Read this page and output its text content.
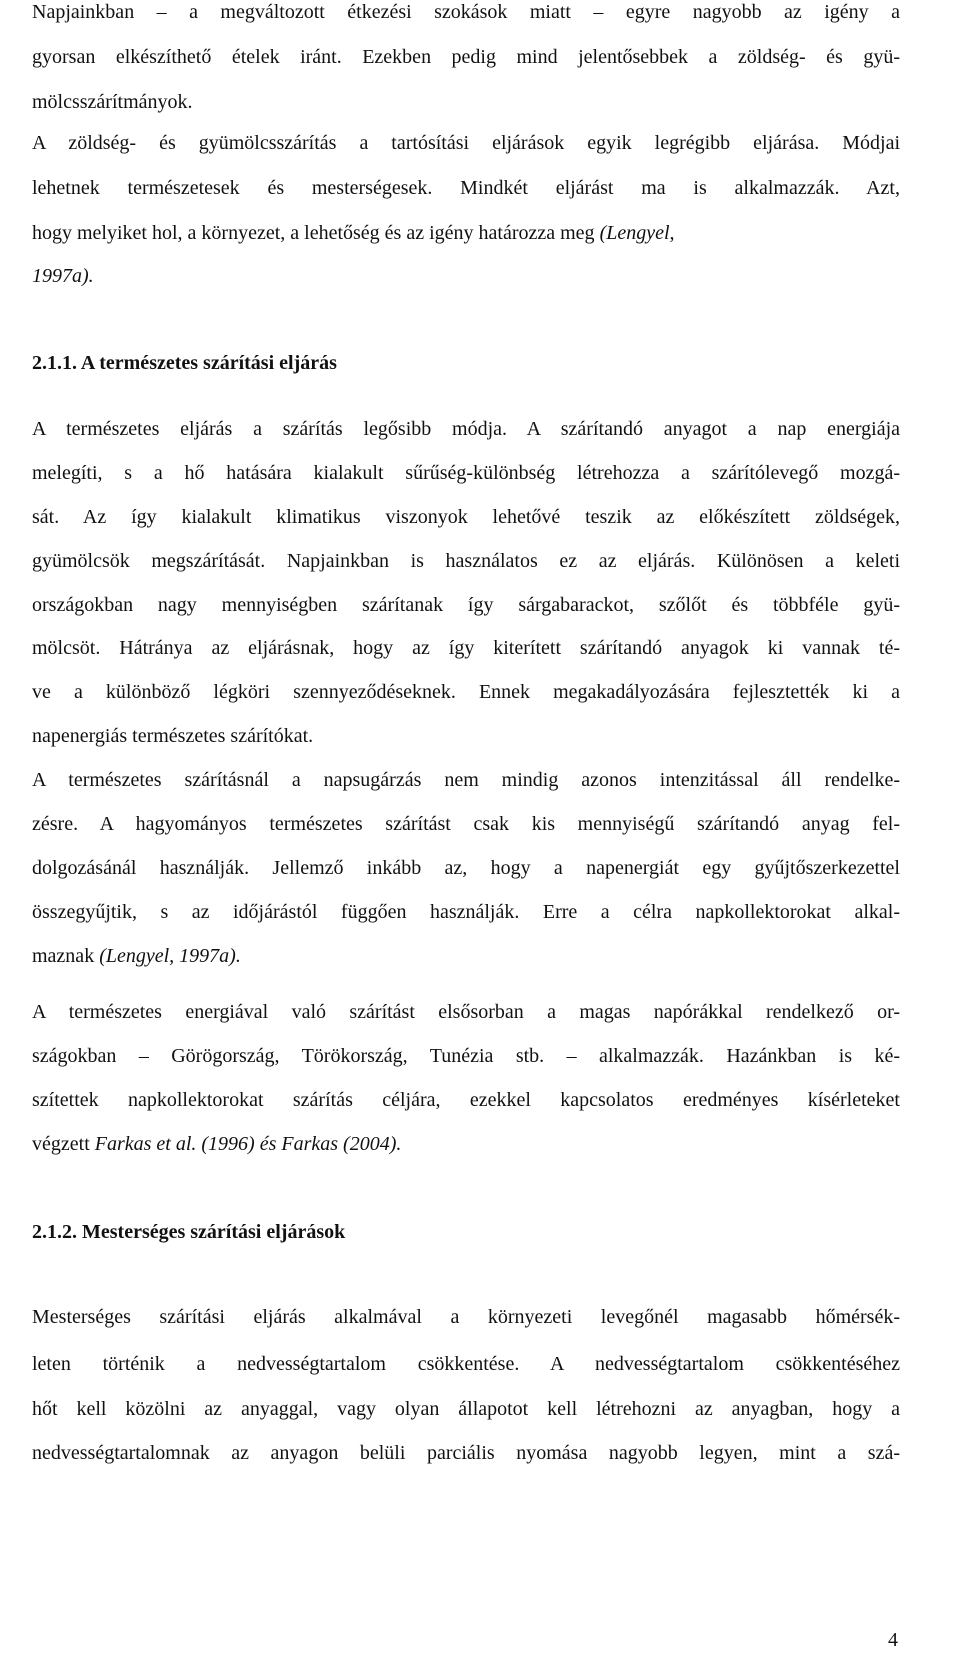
Napjainkban – a megváltozott étkezési szokások miatt – egyre nagyobb az igény a
gyorsan elkészíthető ételek iránt. Ezekben pedig mind jelentősebbek a zöldség- és gyü-
mölcsszárítmányok.
A zöldség- és gyümölcsszárítás a tartósítási eljárások egyik legrégibb eljárása. Módjai
lehetnek természetesek és mesterségesek. Mindkét eljárást ma is alkalmazzák. Azt,
hogy melyiket hol, a környezet, a lehetőség és az igény határozza meg (Lengyel,
1997a).
2.1.1. A természetes szárítási eljárás
A természetes eljárás a szárítás legősibb módja. A szárítandó anyagot a nap energiája
melegíti, s a hő hatására kialakult sűrűség-különbség létrehozza a szárítólevegő mozgá-
sát. Az így kialakult klimatikus viszonyok lehetővé teszik az előkészített zöldségek,
gyümölcsök megszárítását. Napjainkban is használatos ez az eljárás. Különösen a keleti
országokban nagy mennyiségben szárítanak így sárgabarackot, szőlőt és többféle gyü-
mölcsöt. Hátránya az eljárásnak, hogy az így kiterített szárítandó anyagok ki vannak té-
ve a különböző légköri szennyeződéseknek. Ennek megakadályozására fejlesztették ki a
napenergiás természetes szárítókat.
A természetes szárításnál a napsugárzás nem mindig azonos intenzitással áll rendelke-
zésre. A hagyományos természetes szárítást csak kis mennyiségű szárítandó anyag fel-
dolgozásánál használják. Jellemző inkább az, hogy a napenergiát egy gyűjtőszerkezettel
összegyűjtik, s az időjárástól függően használják. Erre a célra napkollektorokat alkal-
maznak (Lengyel, 1997a).
A természetes energiával való szárítást elsősorban a magas napórákkal rendelkező or-
szágokban – Görögország, Törökország, Tunézia stb. – alkalmazzák. Hazánkban is ké-
szítettek napkollektorokat szárítás céljára, ezekkel kapcsolatos eredményes kísérleteket
végzett Farkas et al. (1996) és Farkas (2004).
2.1.2. Mesterséges szárítási eljárások
Mesterséges szárítási eljárás alkalmával a környezeti levegőnél magasabb hőmérsék-
leten történik a nedvességtartalom csökkentése. A nedvességtartalom csökkentéséhez
hőt kell közölni az anyaggal, vagy olyan állapotot kell létrehozni az anyagban, hogy a
nedvességtartalomnak az anyagon belüli parciális nyomása nagyobb legyen, mint a szá-
4
